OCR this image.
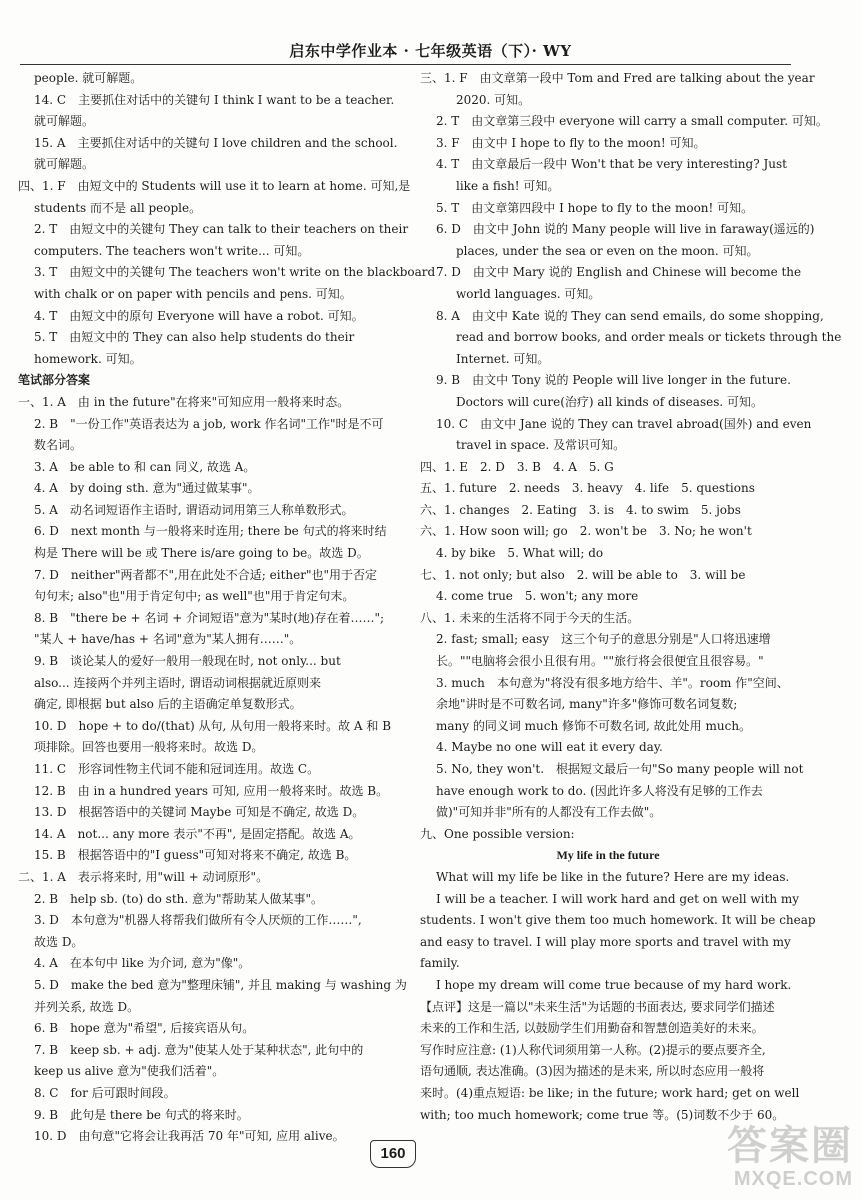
启东中学作业本 · 七年级英语（下）· WY
people. 就可解题。
14. C　主要抓住对话中的关键句 I think I want to be a teacher.
就可解题。
15. A　主要抓住对话中的关键句 I love children and the school.
就可解题。
四、1. F　由短文中的 Students will use it to learn at home. 可知,是
students 而不是 all people。
2. T　由短文中的关键句 They can talk to their teachers on their
computers. The teachers won't write... 可知。
3. T　由短文中的关键句 The teachers won't write on the blackboard
with chalk or on paper with pencils and pens. 可知。
4. T　由短文中的原句 Everyone will have a robot. 可知。
5. T　由短文中的 They can also help students do their
homework. 可知。
笔试部分答案
一、1. A　由 in the future"在将来"可知应用一般将来时态。
2. B　"一份工作"英语表达为 a job, work 作名词"工作"时是不可
数名词。
3. A　be able to 和 can 同义, 故选 A。
4. A　by doing sth. 意为"通过做某事"。
5. A　动名词短语作主语时, 谓语动词用第三人称单数形式。
6. D　next month 与一般将来时连用; there be 句式的将来时结
构是 There will be 或 There is/are going to be。故选 D。
7. D　neither"两者都不",用在此处不合适; either"也"用于否定
句句末; also"也"用于肯定句中; as well"也"用于肯定句末。
8. B　"there be + 名词 + 介词短语"意为"某时(地)存在着……";
"某人 + have/has + 名词"意为"某人拥有……"。
9. B　谈论某人的爱好一般用一般现在时, not only... but
also... 连接两个并列主语时, 谓语动词根据就近原则来
确定, 即根据 but also 后的主语确定单复数形式。
10. D　hope + to do/(that) 从句, 从句用一般将来时。故 A 和 B
项排除。回答也要用一般将来时。故选 D。
11. C　形容词性物主代词不能和冠词连用。故选 C。
12. B　由 in a hundred years 可知, 应用一般将来时。故选 B。
13. D　根据答语中的关键词 Maybe 可知是不确定, 故选 D。
14. A　not... any more 表示"不再", 是固定搭配。故选 A。
15. B　根据答语中的"I guess"可知对将来不确定, 故选 B。
二、1. A　表示将来时, 用"will + 动词原形"。
2. B　help sb. (to) do sth. 意为"帮助某人做某事"。
3. D　本句意为"机器人将帮我们做所有令人厌烦的工作……",
故选 D。
4. A　在本句中 like 为介词, 意为"像"。
5. D　make the bed 意为"整理床铺", 并且 making 与 washing 为
并列关系, 故选 D。
6. B　hope 意为"希望", 后接宾语从句。
7. B　keep sb. + adj. 意为"使某人处于某种状态", 此句中的
keep us alive 意为"使我们活着"。
8. C　for 后可跟时间段。
9. B　此句是 there be 句式的将来时。
10. D　由句意"它将会让我再活 70 年"可知, 应用 alive。
三、1. F　由文章第一段中 Tom and Fred are talking about the year
2020. 可知。
2. T　由文章第三段中 everyone will carry a small computer. 可知。
3. F　由文中 I hope to fly to the moon! 可知。
4. T　由文章最后一段中 Won't that be very interesting? Just
like a fish! 可知。
5. T　由文章第四段中 I hope to fly to the moon! 可知。
6. D　由文中 John 说的 Many people will live in faraway(遥远的)
places, under the sea or even on the moon. 可知。
7. D　由文中 Mary 说的 English and Chinese will become the
world languages. 可知。
8. A　由文中 Kate 说的 They can send emails, do some shopping,
read and borrow books, and order meals or tickets through the
Internet. 可知。
9. B　由文中 Tony 说的 People will live longer in the future.
Doctors will cure(治疗) all kinds of diseases. 可知。
10. C　由文中 Jane 说的 They can travel abroad(国外) and even
travel in space. 及常识可知。
四、1. E　2. D　3. B　4. A　5. G
五、1. future　2. needs　3. heavy　4. life　5. questions
六、1. changes　2. Eating　3. is　4. to swim　5. jobs
六、1. How soon will; go　2. won't be　3. No; he won't
4. by bike　5. What will; do
七、1. not only; but also　2. will be able to　3. will be
4. come true　5. won't; any more
八、1. 未来的生活将不同于今天的生活。
2. fast; small; easy　这三个句子的意思分别是"人口将迅速增
长。""电脑将会很小且很有用。""旅行将会很便宜且很容易。"
3. much　本句意为"将没有很多地方给牛、羊"。room 作"空间、
余地"讲时是不可数名词, many"许多"修饰可数名词复数;
many 的同义词 much 修饰不可数名词, 故此处用 much。
4. Maybe no one will eat it every day.
5. No, they won't.　根据短文最后一句"So many people will not
have enough work to do. (因此许多人将没有足够的工作去
做)"可知并非"所有的人都没有工作去做"。
九、One possible version:
My life in the future
What will my life be like in the future? Here are my ideas.
I will be a teacher. I will work hard and get on well with my
students. I won't give them too much homework. It will be cheap
and easy to travel. I will play more sports and travel with my
family.
I hope my dream will come true because of my hard work.
【点评】这是一篇以"未来生活"为话题的书面表达, 要求同学们描述
未来的工作和生活, 以鼓励学生们用勤奋和智慧创造美好的未来。
写作时应注意: (1)人称代词须用第一人称。(2)提示的要点要齐全,
语句通顺, 表达准确。(3)因为描述的是未来, 所以时态应用一般将
来时。(4)重点短语: be like; in the future; work hard; get on well
with; too much homework; come true 等。(5)词数不少于 60。
160	答案圈
MXQE.COM
